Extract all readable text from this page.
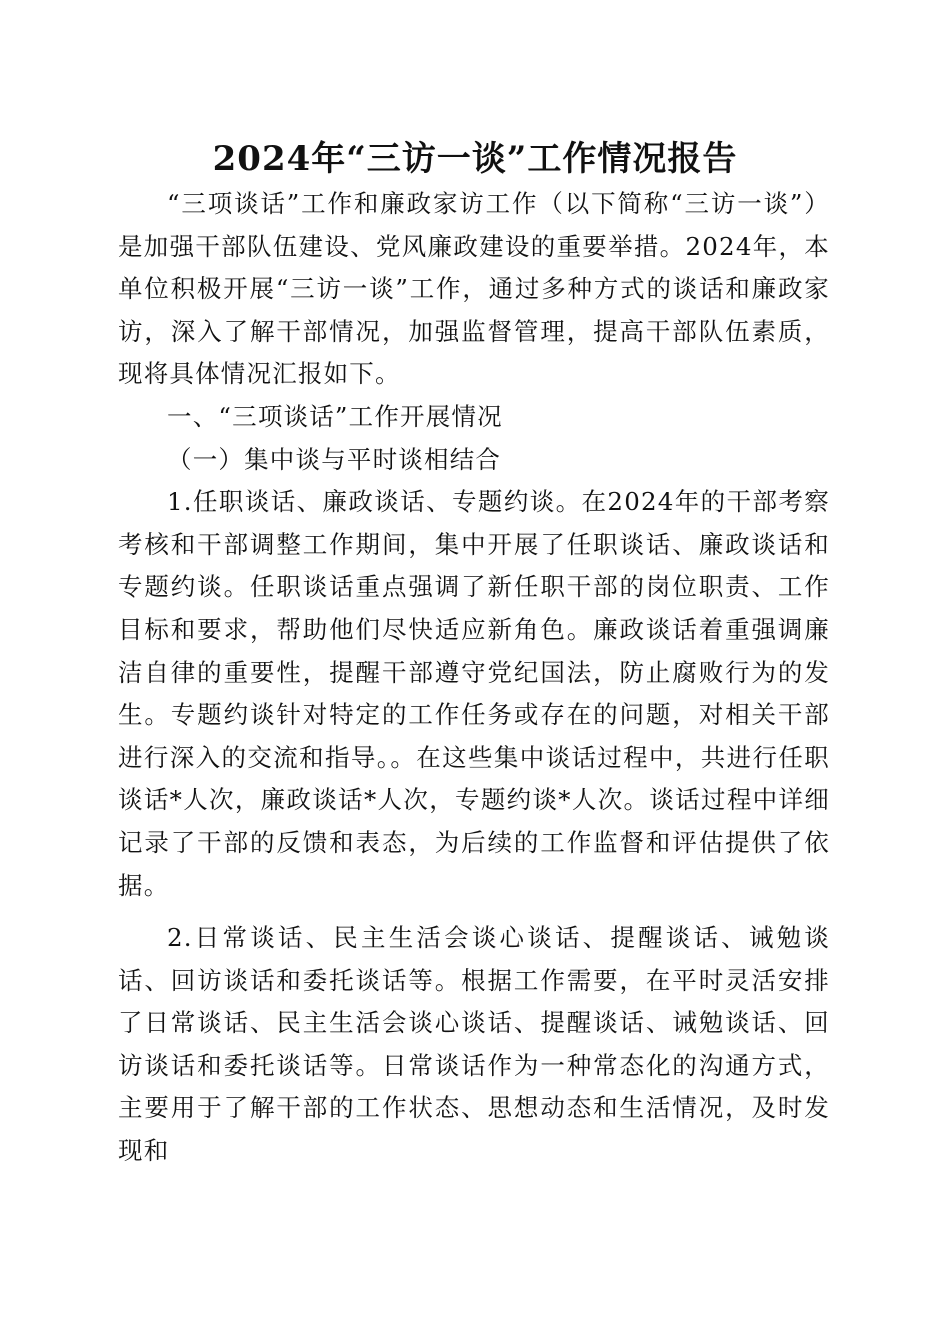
2024年“三访一谈”工作情况报告

“三项谈话”工作和廉政家访工作（以下简称“三访一谈”）是加强干部队伍建设、党风廉政建设的重要举措。2024年，本单位积极开展“三访一谈”工作，通过多种方式的谈话和廉政家访，深入了解干部情况，加强监督管理，提高干部队伍素质，现将具体情况汇报如下。

一、“三项谈话”工作开展情况
（一）集中谈与平时谈相结合

1.任职谈话、廉政谈话、专题约谈。在2024年的干部考察考核和干部调整工作期间，集中开展了任职谈话、廉政谈话和专题约谈。任职谈话重点强调了新任职干部的岗位职责、工作目标和要求，帮助他们尽快适应新角色。廉政谈话着重强调廉洁自律的重要性，提醒干部遵守党纪国法，防止腐败行为的发生。专题约谈针对特定的工作任务或存在的问题，对相关干部进行深入的交流和指导。。在这些集中谈话过程中，共进行任职谈话*人次，廉政谈话*人次，专题约谈*人次。谈话过程中详细记录了干部的反馈和表态，为后续的工作监督和评估提供了依据。

2.日常谈话、民主生活会谈心谈话、提醒谈话、诫勉谈话、回访谈话和委托谈话等。根据工作需要，在平时灵活安排了日常谈话、民主生活会谈心谈话、提醒谈话、诫勉谈话、回访谈话和委托谈话等。日常谈话作为一种常态化的沟通方式，主要用于了解干部的工作状态、思想动态和生活情况，及时发现和
